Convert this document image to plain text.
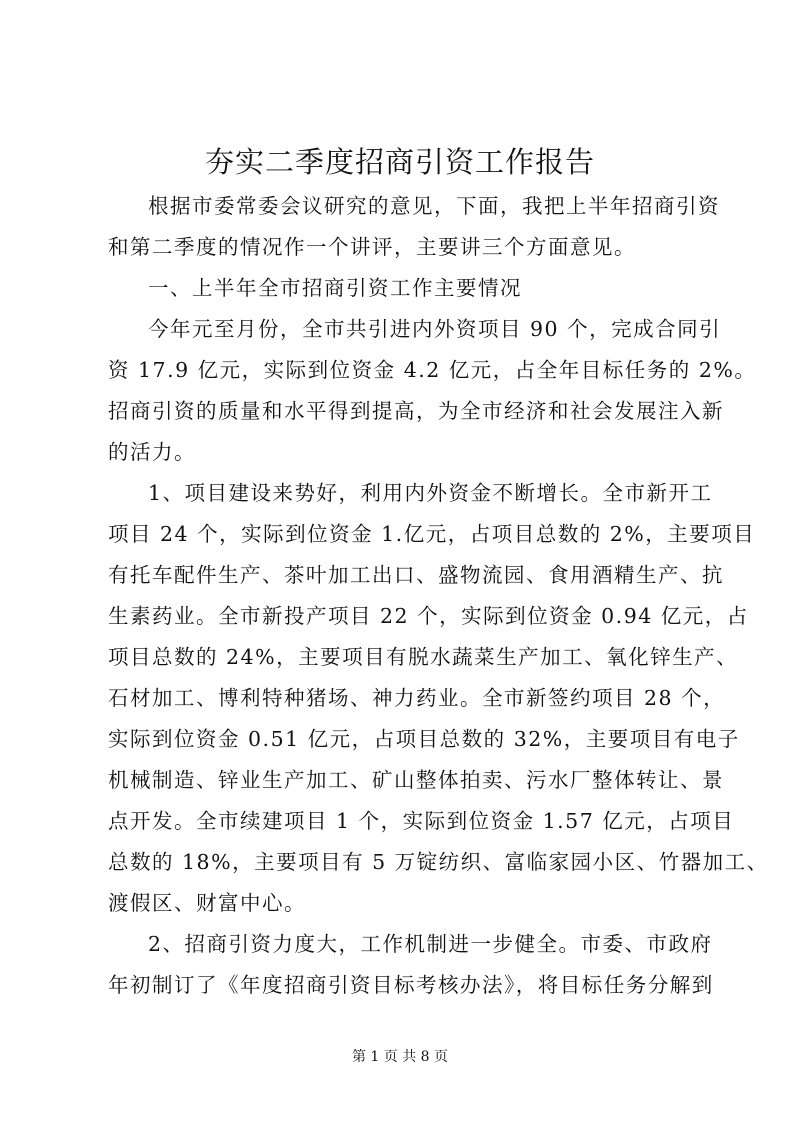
夯实二季度招商引资工作报告
根据市委常委会议研究的意见，下面，我把上半年招商引资
和第二季度的情况作一个讲评，主要讲三个方面意见。
一、上半年全市招商引资工作主要情况
今年元至月份，全市共引进内外资项目 90 个，完成合同引
资 17.9 亿元，实际到位资金 4.2 亿元，占全年目标任务的 2%。
招商引资的质量和水平得到提高，为全市经济和社会发展注入新
的活力。
1、项目建设来势好，利用内外资金不断增长。全市新开工
项目 24 个，实际到位资金 1.亿元，占项目总数的 2%，主要项目
有托车配件生产、茶叶加工出口、盛物流园、食用酒精生产、抗
生素药业。全市新投产项目 22 个，实际到位资金 0.94 亿元，占
项目总数的 24%，主要项目有脱水蔬菜生产加工、氧化锌生产、
石材加工、博利特种猪场、神力药业。全市新签约项目 28 个，
实际到位资金 0.51 亿元，占项目总数的 32%，主要项目有电子
机械制造、锌业生产加工、矿山整体拍卖、污水厂整体转让、景
点开发。全市续建项目 1 个，实际到位资金 1.57 亿元，占项目
总数的 18%，主要项目有 5 万锭纺织、富临家园小区、竹器加工、
渡假区、财富中心。
2、招商引资力度大，工作机制进一步健全。市委、市政府
年初制订了《年度招商引资目标考核办法》，将目标任务分解到
第 1 页 共 8 页
